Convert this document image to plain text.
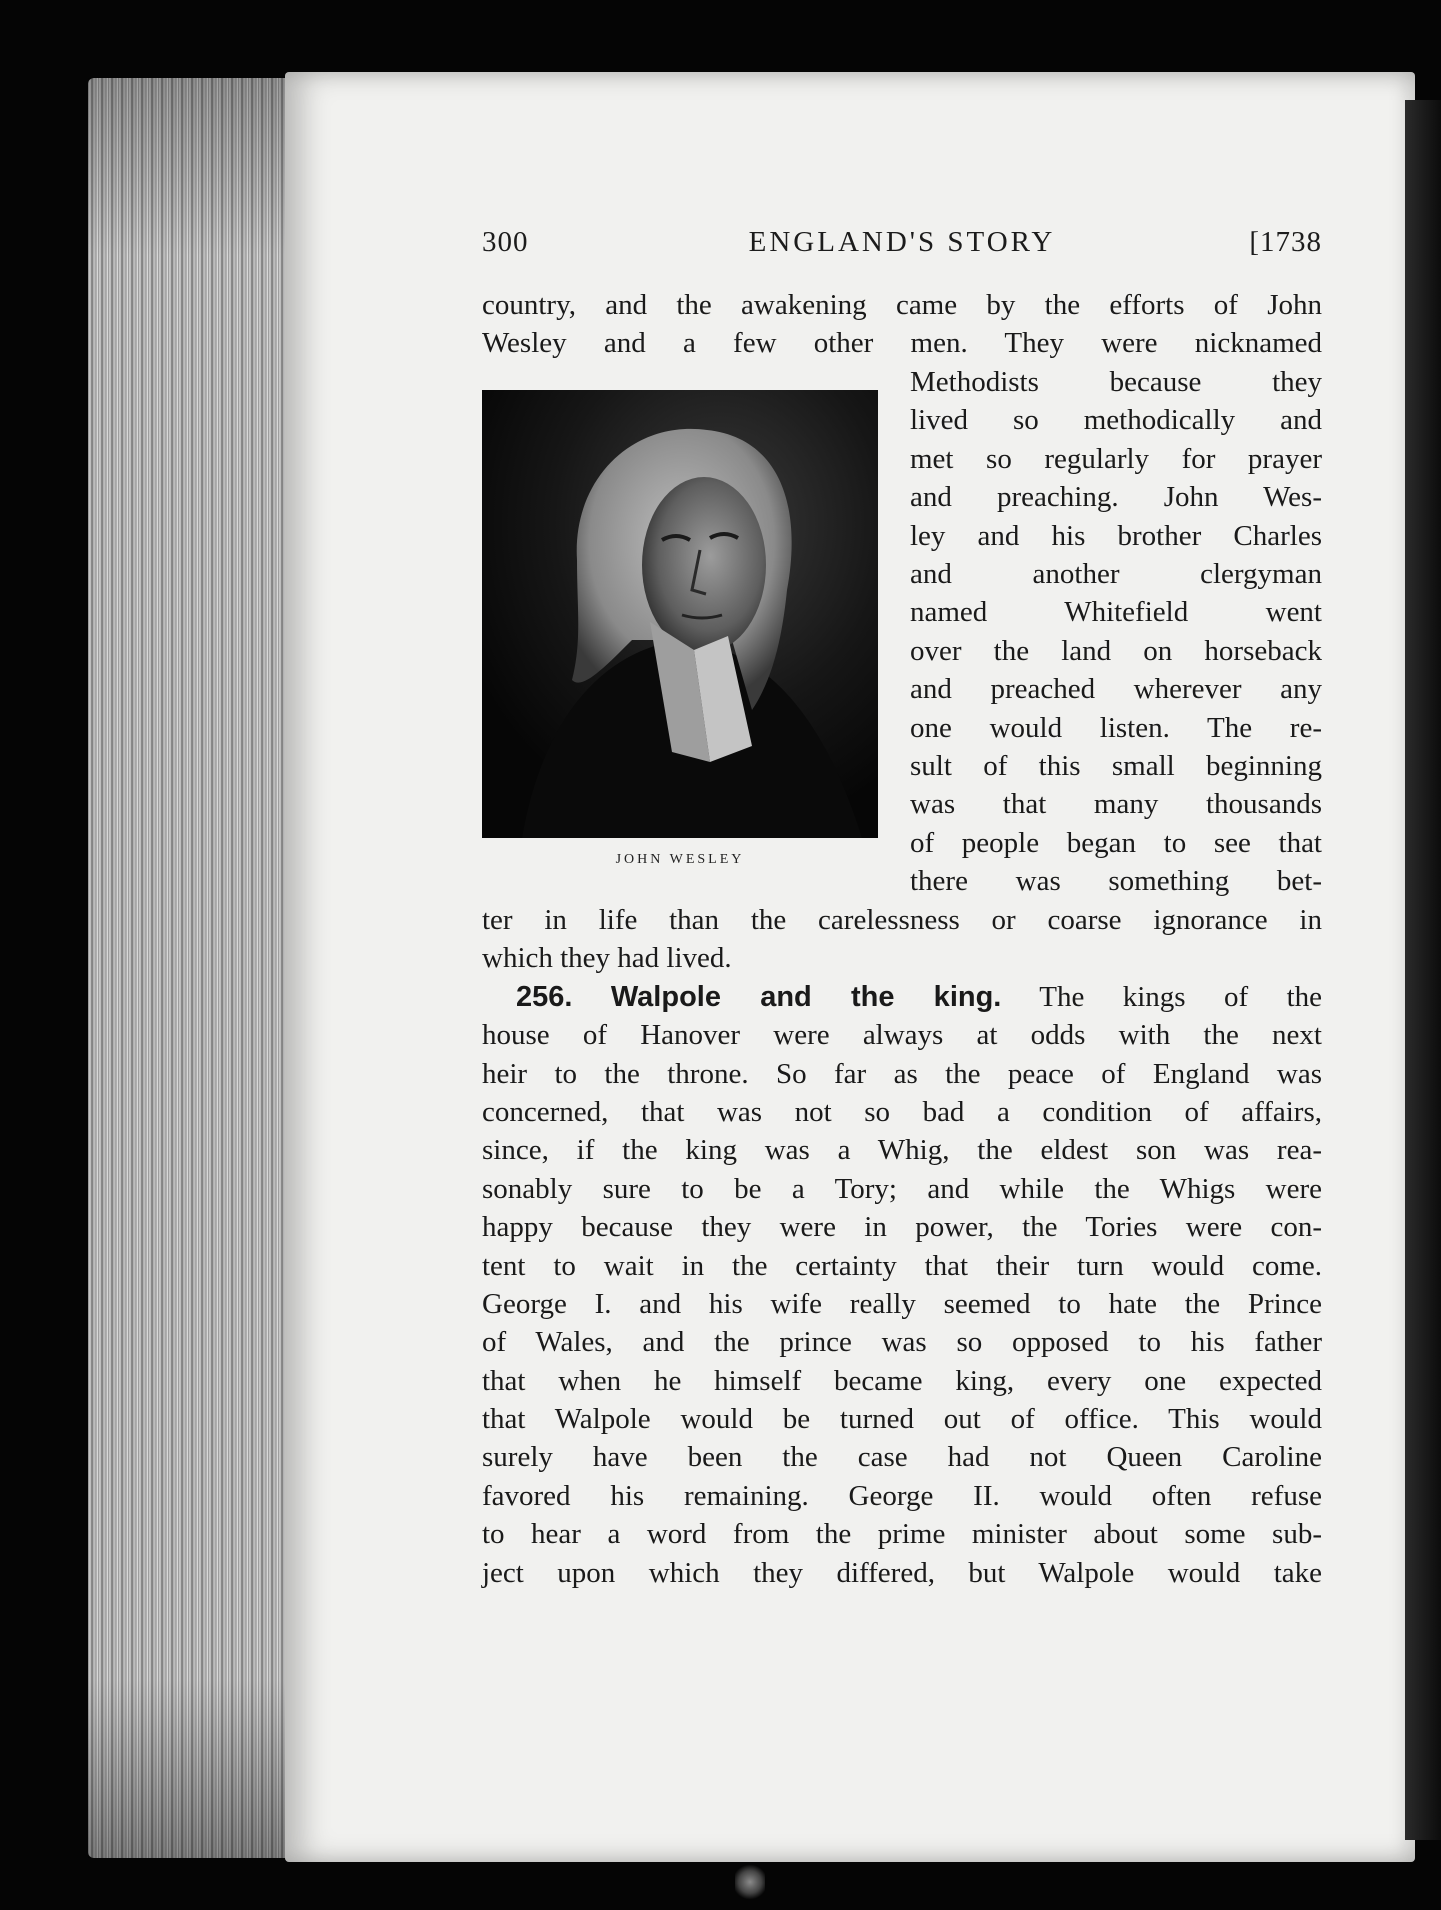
300	ENGLAND'S STORY	[1738
country, and the awakening came by the efforts of John
Wesley and a few other men. They were nicknamed
JOHN WESLEY
Methodists because they
lived so methodically and
met so regularly for prayer
and preaching. John Wes-
ley and his brother Charles
and another clergyman
named Whitefield went
over the land on horseback
and preached wherever any
one would listen. The re-
sult of this small beginning
was that many thousands
of people began to see that
there was something bet-
ter in life than the carelessness or coarse ignorance in
which they had lived.
256. Walpole and the king. The kings of the
house of Hanover were always at odds with the next
heir to the throne. So far as the peace of England was
concerned, that was not so bad a condition of affairs,
since, if the king was a Whig, the eldest son was rea-
sonably sure to be a Tory; and while the Whigs were
happy because they were in power, the Tories were con-
tent to wait in the certainty that their turn would come.
George I. and his wife really seemed to hate the Prince
of Wales, and the prince was so opposed to his father
that when he himself became king, every one expected
that Walpole would be turned out of office. This would
surely have been the case had not Queen Caroline
favored his remaining. George II. would often refuse
to hear a word from the prime minister about some sub-
ject upon which they differed, but Walpole would take
